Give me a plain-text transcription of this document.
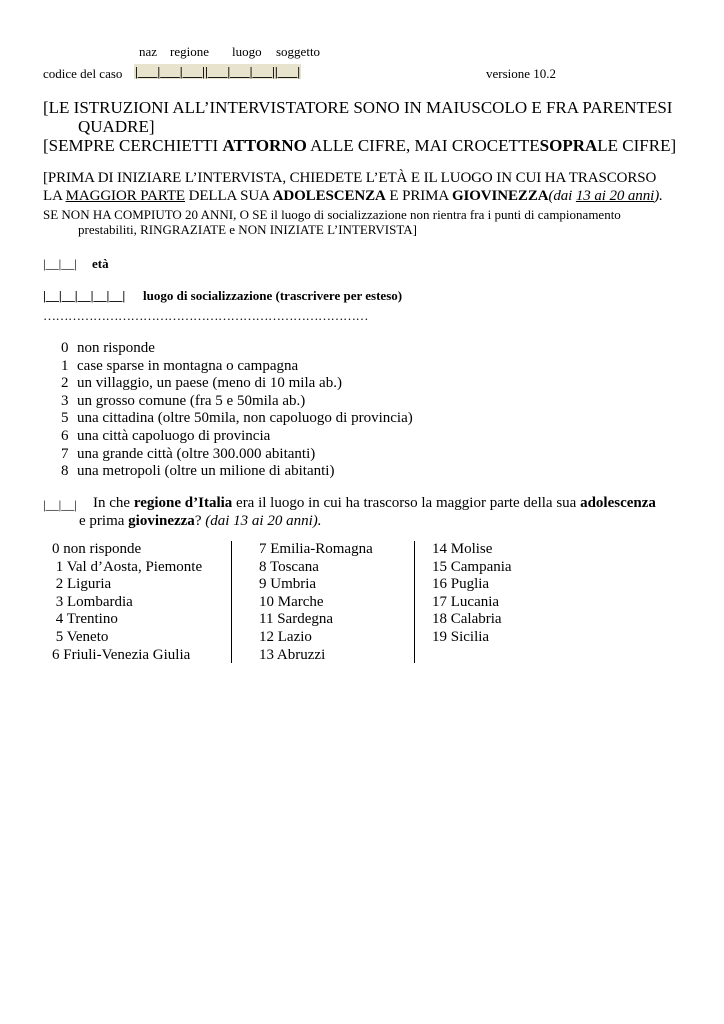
naz regione luogo soggetto
codice del caso |___|___|___||___|___|___||___|	versione 10.2
[LE ISTRUZIONI ALL’INTERVISTATORE SONO IN MAIUSCOLO E FRA PARENTESI
QUADRE]
[SEMPRE CERCHIETTI ATTORNO ALLE CIFRE, MAI CROCETTESOPRALE CIFRE]
[PRIMA DI INIZIARE L’INTERVISTA, CHIEDETE L’ETÀ E IL LUOGO IN CUI HA TRASCORSO
LA MAGGIOR PARTE DELLA SUA ADOLESCENZA E PRIMA GIOVINEZZA(dai 13 ai 20 anni).
SE NON HA COMPIUTO 20 ANNI, O SE il luogo di socializzazione non rientra fra i punti di campionamento
prestabiliti, RINGRAZIATE e NON INIZIATE L’INTERVISTA]
|__|__| età
|__|__|__|__|__| luogo di socializzazione (trascrivere per esteso)
……………………………………………………………………
0 non risponde
1 case sparse in montagna o campagna
2 un villaggio, un paese (meno di 10 mila ab.)
3 un grosso comune (fra 5 e 50mila ab.)
5 una cittadina (oltre 50mila, non capoluogo di provincia)
6 una città capoluogo di provincia
7 una grande città (oltre 300.000 abitanti)
8 una metropoli (oltre un milione di abitanti)
|__|__| In che regione d’Italia era il luogo in cui ha trascorso la maggior parte della sua adolescenza
e prima giovinezza? (dai 13 ai 20 anni).
0 non risponde
1 Val d’Aosta, Piemonte
2 Liguria
3 Lombardia
4 Trentino
5 Veneto
6 Friuli-Venezia Giulia
7 Emilia-Romagna
8 Toscana
9 Umbria
10 Marche
11 Sardegna
12 Lazio
13 Abruzzi
14 Molise
15 Campania
16 Puglia
17 Lucania
18 Calabria
19 Sicilia
